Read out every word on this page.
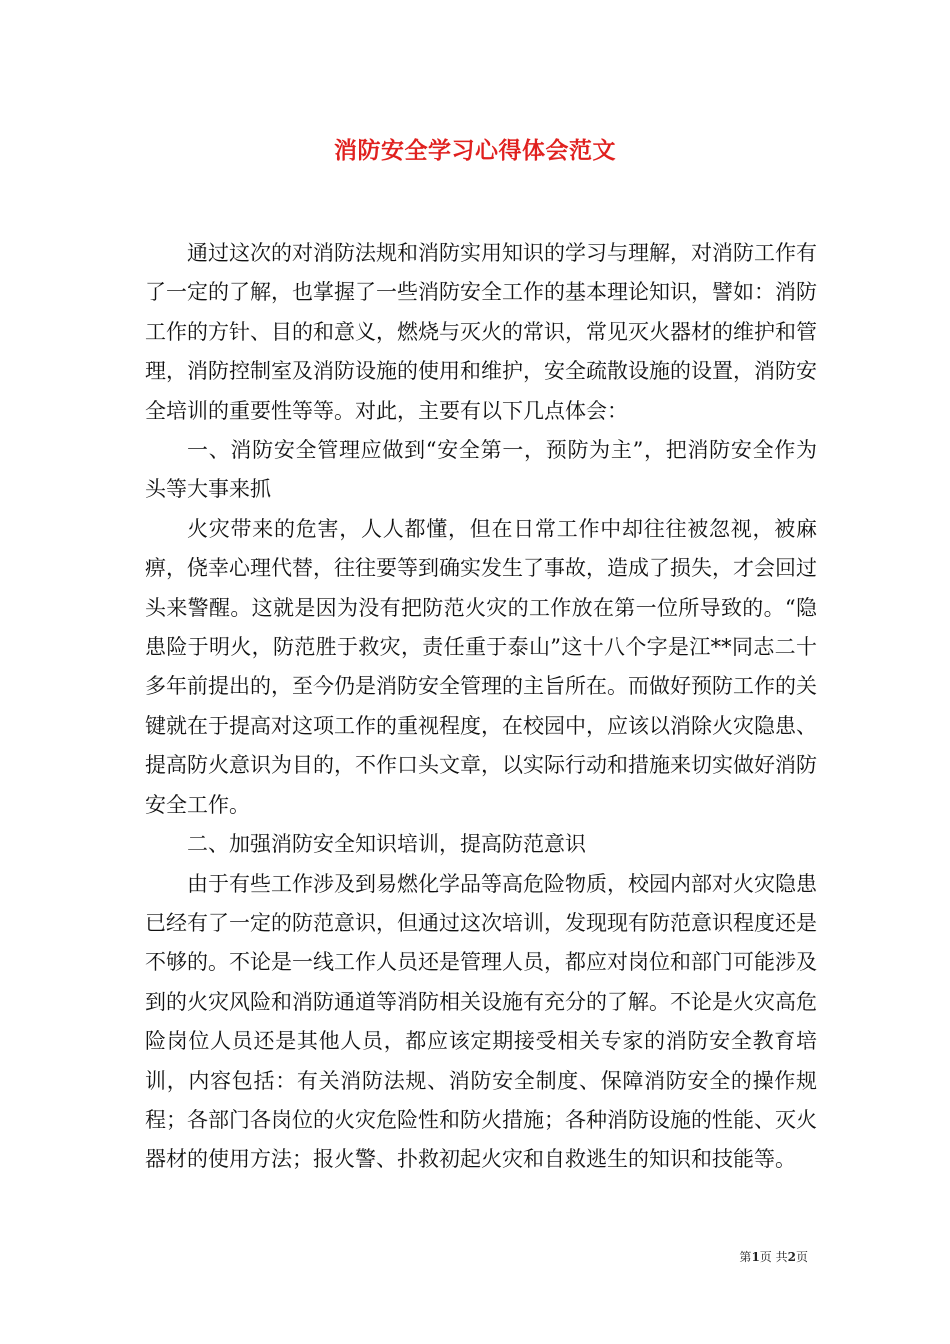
消防安全学习心得体会范文

通过这次的对消防法规和消防实用知识的学习与理解，对消防工作有了一定的了解，也掌握了一些消防安全工作的基本理论知识，譬如：消防工作的方针、目的和意义，燃烧与灭火的常识，常见灭火器材的维护和管理，消防控制室及消防设施的使用和维护，安全疏散设施的设置，消防安全培训的重要性等等。对此，主要有以下几点体会：

一、消防安全管理应做到“安全第一，预防为主”，把消防安全作为头等大事来抓

火灾带来的危害，人人都懂，但在日常工作中却往往被忽视，被麻痹，侥幸心理代替，往往要等到确实发生了事故，造成了损失，才会回过头来警醒。这就是因为没有把防范火灾的工作放在第一位所导致的。“隐患险于明火，防范胜于救灾，责任重于泰山”这十八个字是江**同志二十多年前提出的，至今仍是消防安全管理的主旨所在。而做好预防工作的关键就在于提高对这项工作的重视程度，在校园中，应该以消除火灾隐患、提高防火意识为目的，不作口头文章，以实际行动和措施来切实做好消防安全工作。

二、加强消防安全知识培训，提高防范意识

由于有些工作涉及到易燃化学品等高危险物质，校园内部对火灾隐患已经有了一定的防范意识，但通过这次培训，发现现有防范意识程度还是不够的。不论是一线工作人员还是管理人员，都应对岗位和部门可能涉及到的火灾风险和消防通道等消防相关设施有充分的了解。不论是火灾高危险岗位人员还是其他人员，都应该定期接受相关专家的消防安全教育培训，内容包括：有关消防法规、消防安全制度、保障消防安全的操作规程；各部门各岗位的火灾危险性和防火措施；各种消防设施的性能、灭火器材的使用方法；报火警、扑救初起火灾和自救逃生的知识和技能等。

第1页 共2页
